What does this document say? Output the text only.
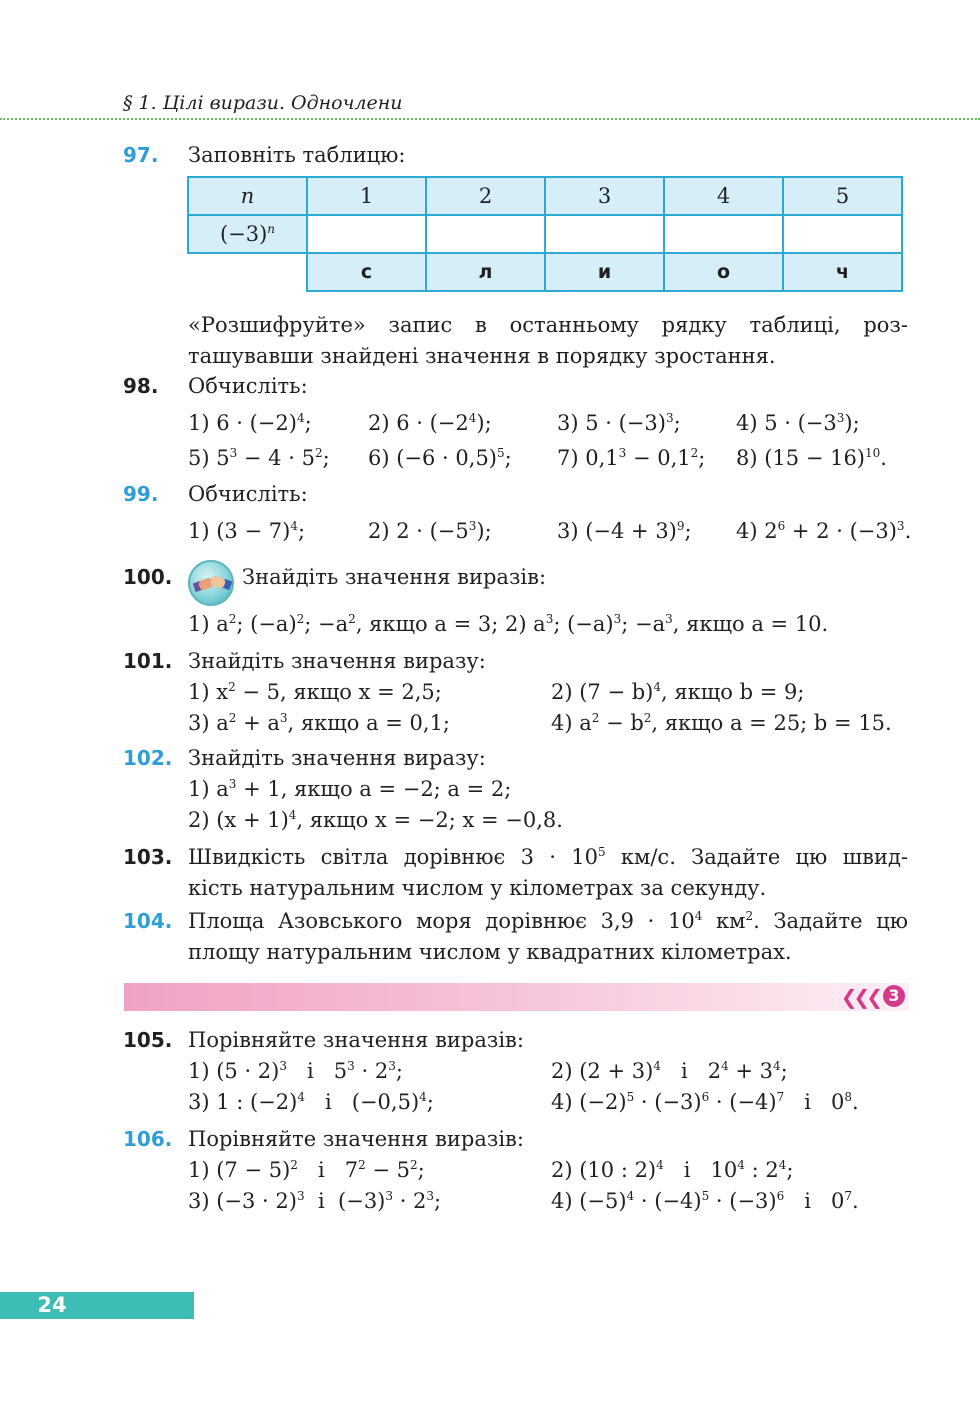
§ 1. Цілі вирази. Одночлени
97. Заповніть таблицю:
n	1	2	3	4	5
$(-3)^n$					
	с	л	и	о	ч
«Розшифруйте» запис в останньому рядку таблиці, роз-
ташувавши знайдені значення в порядку зростання.
98. Обчисліть:
1) $6 \cdot (-2)^4$;	2) $6 \cdot (-2^4)$;	3) $5 \cdot (-3)^3$;	4) $5 \cdot (-3^3)$;
5) $5^3 - 4 \cdot 5^2$; 6) $(-6 \cdot 0,5)^5$; 7) $0,1^3 - 0,1^2$; 8) $(15 - 16)^{10}$.
99. Обчисліть:
1) $(3 - 7)^4$;	2) $2 \cdot (-5^3)$;	3) $(-4 + 3)^9$; 4) $2^6 + 2 \cdot (-3)^3$.
100.	Знайдіть значення виразів:
1) $a^2$; $(-a)^2$; $-a^2$, якщо a = 3; 2) $a^3$; $(-a)^3$; $-a^3$, якщо a = 10.
101. Знайдіть значення виразу:
1) $x^2 - 5$, якщо x = 2,5;	2) $(7 - b)^4$, якщо b = 9;
3) $a^2 + a^3$, якщо a = 0,1;	4) $a^2 - b^2$, якщо a = 25; b = 15.
102. Знайдіть значення виразу:
1) $a^3 + 1$, якщо a = −2; a = 2;
2) $(x + 1)^4$, якщо x = −2; x = −0,8.
103. Швидкість світла дорівнює $3 \cdot 10^5$ км/с. Задайте цю швид-
кість натуральним числом у кілометрах за секунду.
104. Площа Азовського моря дорівнює $3,9 \cdot 10^4$ $км^2$. Задайте цю
площу натуральним числом у квадратних кілометрах.
❮❮❮ 3
105. Порівняйте значення виразів:
1) $(5 \cdot 2)^3$   і   $5^3 \cdot 2^3$;	2) $(2 + 3)^4$   і   $2^4 + 3^4$;
3) 1 : $(-2)^4$   і   $(-0,5)^4$;	4) $(-2)^5 \cdot (-3)^6 \cdot (-4)^7$   і   $0^8$.
106. Порівняйте значення виразів:
1) $(7 - 5)^2$   і   $7^2 - 5^2$;	2) (10 : 2)$^4$   і   $10^4$ : $2^4$;
3) $(-3 \cdot 2)^3$  і  $(-3)^3 \cdot 2^3$;	4) $(-5)^4 \cdot (-4)^5 \cdot (-3)^6$   і   $0^7$.
24
